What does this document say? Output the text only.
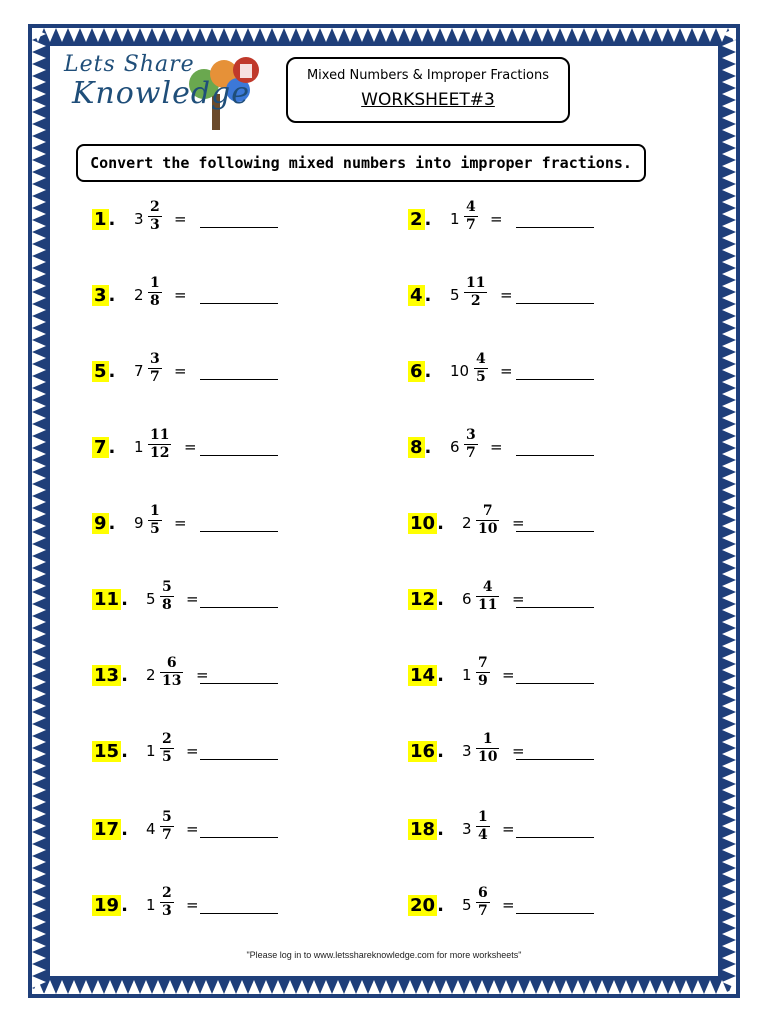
Lets Share
Knowledge
Mixed Numbers & Improper Fractions
WORKSHEET#3
Convert the following mixed numbers into improper fractions.
1 . $3 \frac{2}{3}$ =	2 . $1 \frac{4}{7}$ =
3 . $2 \frac{1}{8}$ =	4 . $5 \frac{11}{2}$ =
5 . $7 \frac{3}{7}$ =	6 . $10 \frac{4}{5}$ =
7 . $1 \frac{11}{12}$ =	8 . $6 \frac{3}{7}$ =
9 . $9 \frac{1}{5}$ =	10 . $2 \frac{7}{10}$ =
11 . $5 \frac{5}{8}$ =	12 . $6 \frac{4}{11}$ =
13 . $2 \frac{6}{13}$ =	14 . $1 \frac{7}{9}$ =
15 . $1 \frac{2}{5}$ =	16 . $3 \frac{1}{10}$ =
17 . $4 \frac{5}{7}$ =	18 . $3 \frac{1}{4}$ =
19 . $1 \frac{2}{3}$ =	20 . $5 \frac{6}{7}$ =
"Please log in to www.letsshareknowledge.com for more worksheets"
